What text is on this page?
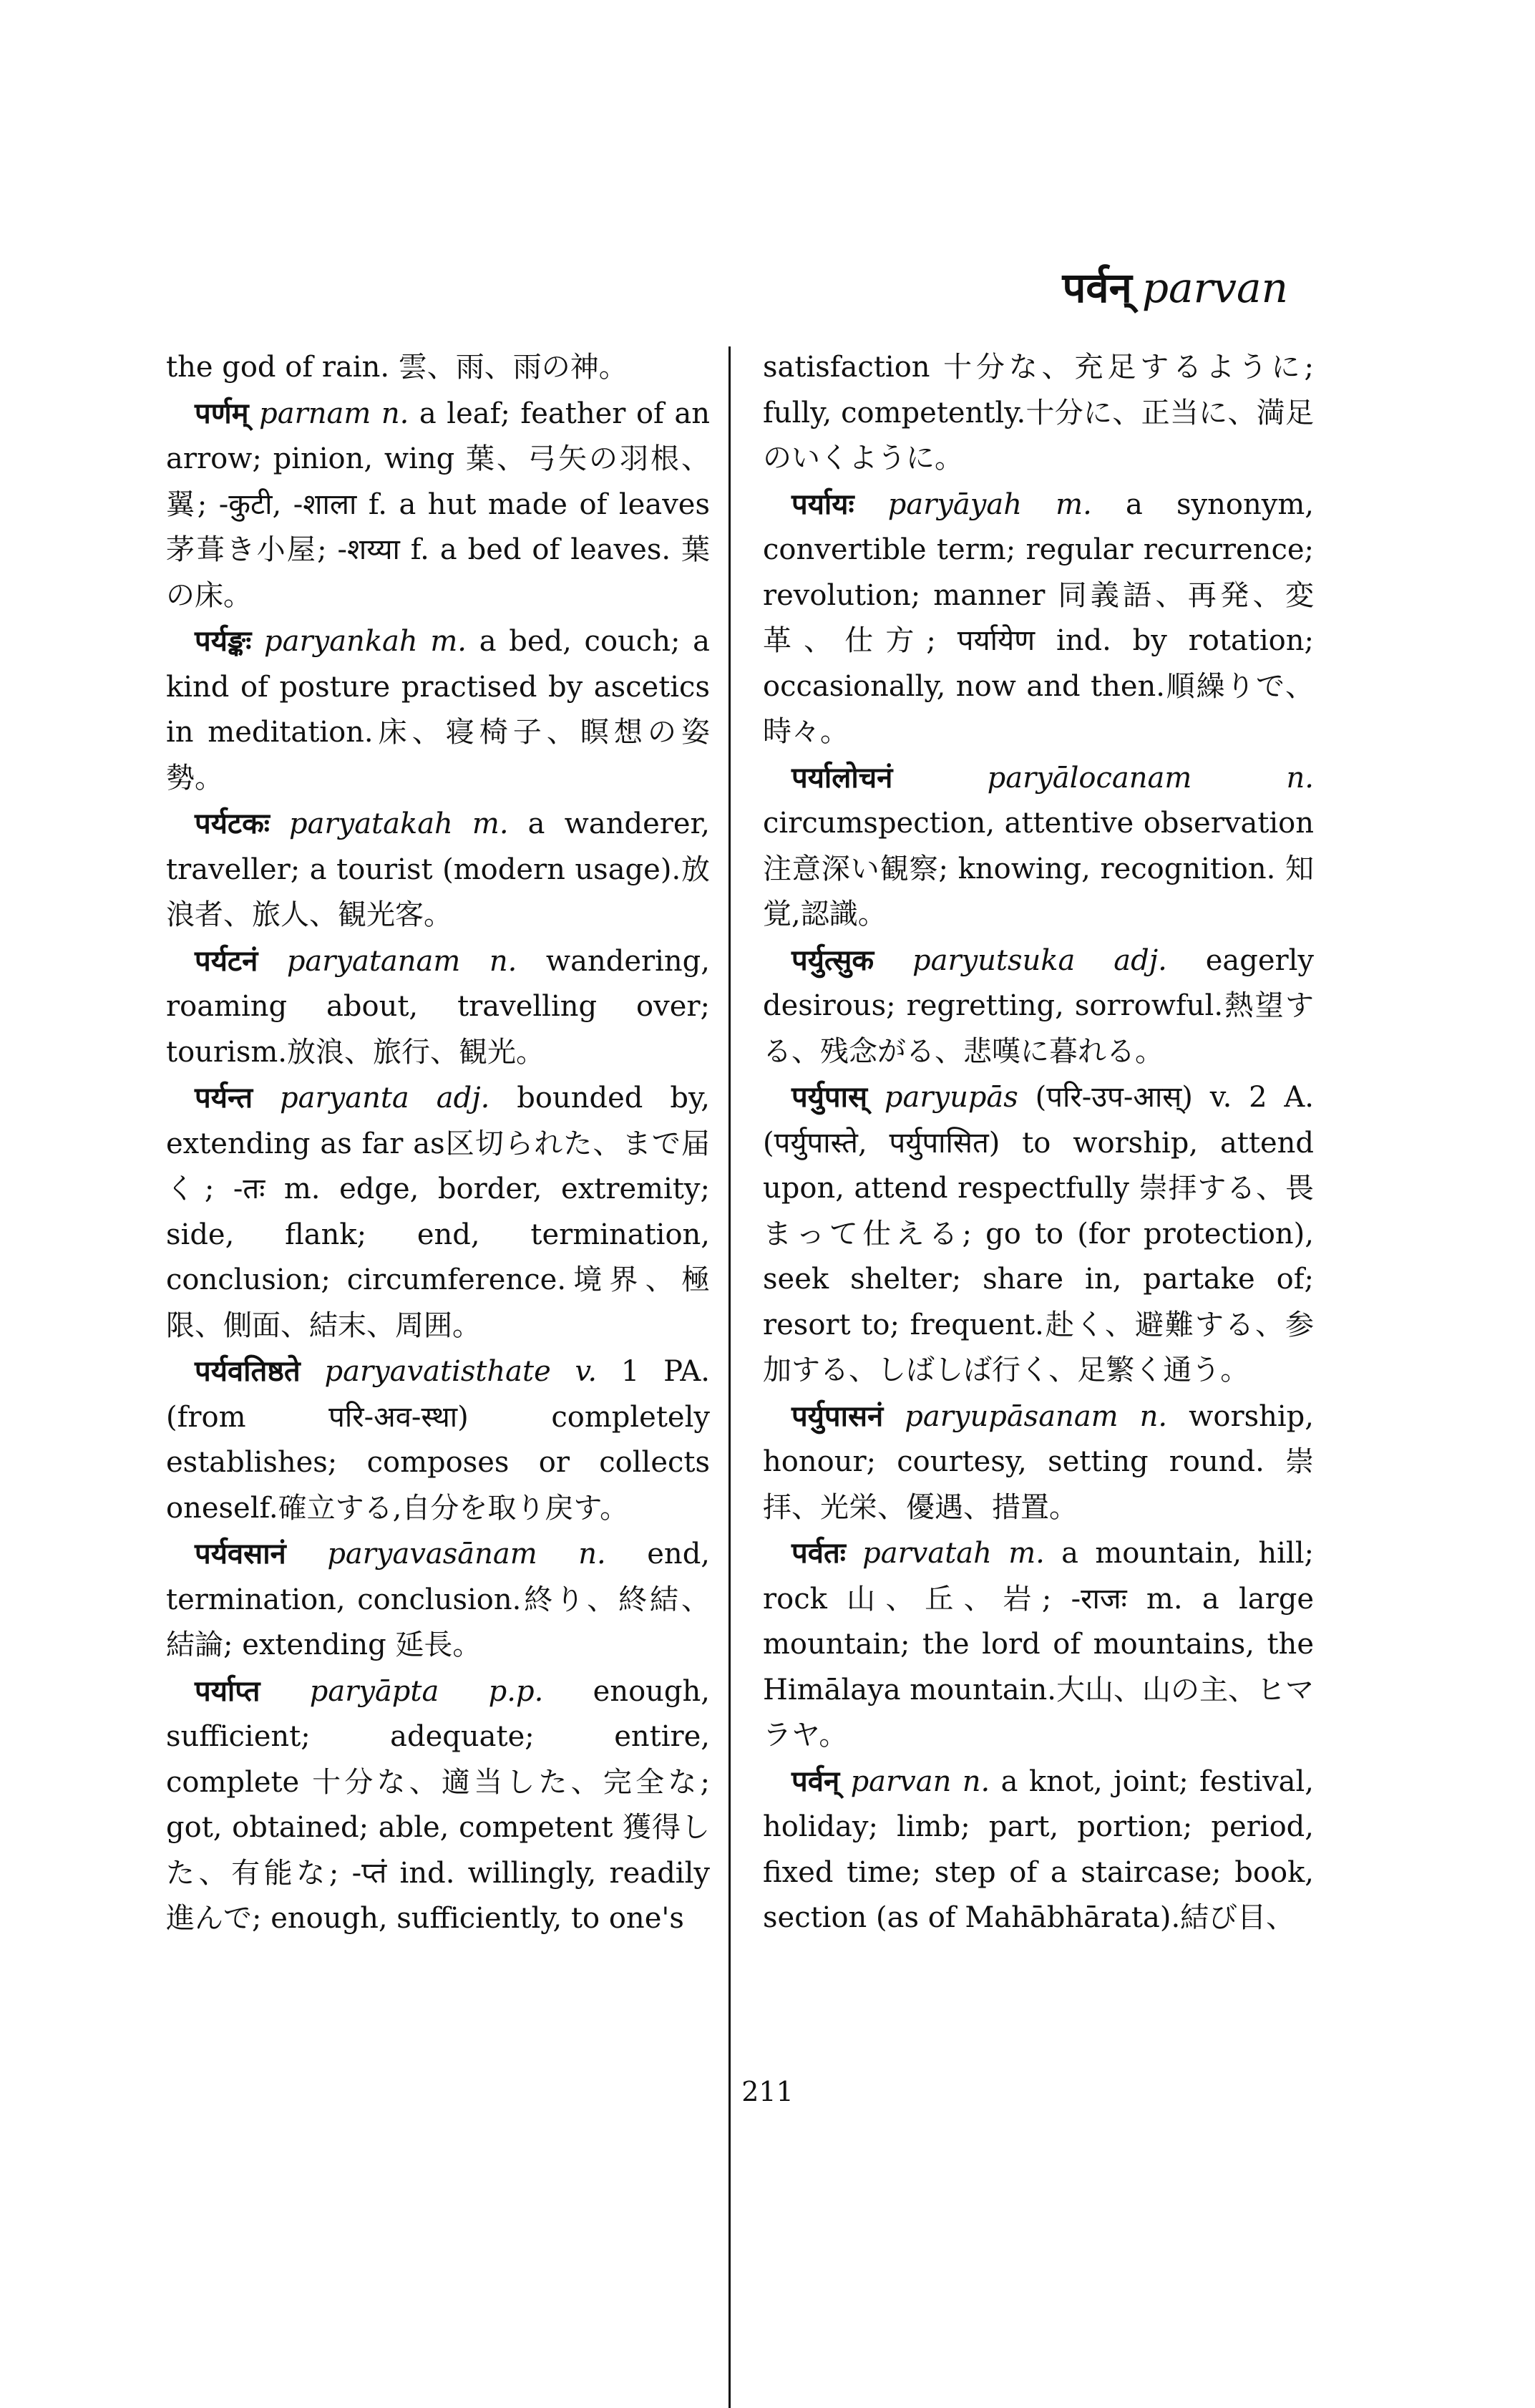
पर्वन् parvan

the god of rain. 雲、雨、雨の神。

पर्णम् parnam n. a leaf; feather of an arrow; pinion, wing 葉、弓矢の羽根、翼; -कुटी, -शाला f. a hut made of leaves 茅葺き小屋; -शय्या f. a bed of leaves. 葉の床。

पर्यङ्कः paryankah m. a bed, couch; a kind of posture practised by ascetics in meditation.床、寝椅子、瞑想の姿勢。

पर्यटकः paryatakah m. a wanderer, traveller; a tourist (modern usage).放浪者、旅人、観光客。

पर्यटनं paryatanam n. wandering, roaming about, travelling over; tourism.放浪、旅行、観光。

पर्यन्त paryanta adj. bounded by, extending as far as区切られた、まで届く; -तः m. edge, border, extremity; side, flank; end, termination, conclusion; circumference.境界、極限、側面、結末、周囲。

पर्यवतिष्ठते paryavatisthate v. 1 PA. (from परि-अव-स्था) completely establishes; composes or collects oneself.確立する,自分を取り戻す。

पर्यवसानं paryavasānam n. end, termination, conclusion.終り、終結、結論; extending 延長。

पर्याप्त paryāpta p.p. enough, sufficient; adequate; entire, complete 十分な、適当した、完全な; got, obtained; able, competent 獲得した、有能な; -प्तं ind. willingly, readily 進んで; enough, sufficiently, to one's

satisfaction 十分な、充足するように; fully, competently.十分に、正当に、満足のいくように。

पर्यायः paryāyah m. a synonym, convertible term; regular recurrence; revolution; manner 同義語、再発、変革、仕方; पर्यायेण ind. by rotation; occasionally, now and then.順繰りで、時々。

पर्यालोचनं	paryālocanam n. circumspection, attentive observation 注意深い観察; knowing, recognition. 知覚,認識。

पर्युत्सुक paryutsuka adj. eagerly desirous; regretting, sorrowful.熱望する、残念がる、悲嘆に暮れる。

पर्युपास् paryupās (परि-उप-आस्) v. 2 A. (पर्युपास्ते, पर्युपासित) to worship, attend upon, attend respectfully 崇拝する、畏まって仕える; go to (for protection), seek shelter; share in, partake of; resort to; frequent.赴く、避難する、参加する、しばしば行く、足繁く通う。

पर्युपासनं paryupāsanam n. worship, honour; courtesy, setting round. 崇拝、光栄、優遇、措置。

पर्वतः parvatah m. a mountain, hill; rock 山、丘、岩; -राजः m. a large mountain; the lord of mountains, the Himālaya mountain.大山、山の主、ヒマラヤ。

पर्वन् parvan n. a knot, joint; festival, holiday; limb; part, portion; period, fixed time; step of a staircase; book, section (as of Mahābhārata).結び目、

211
